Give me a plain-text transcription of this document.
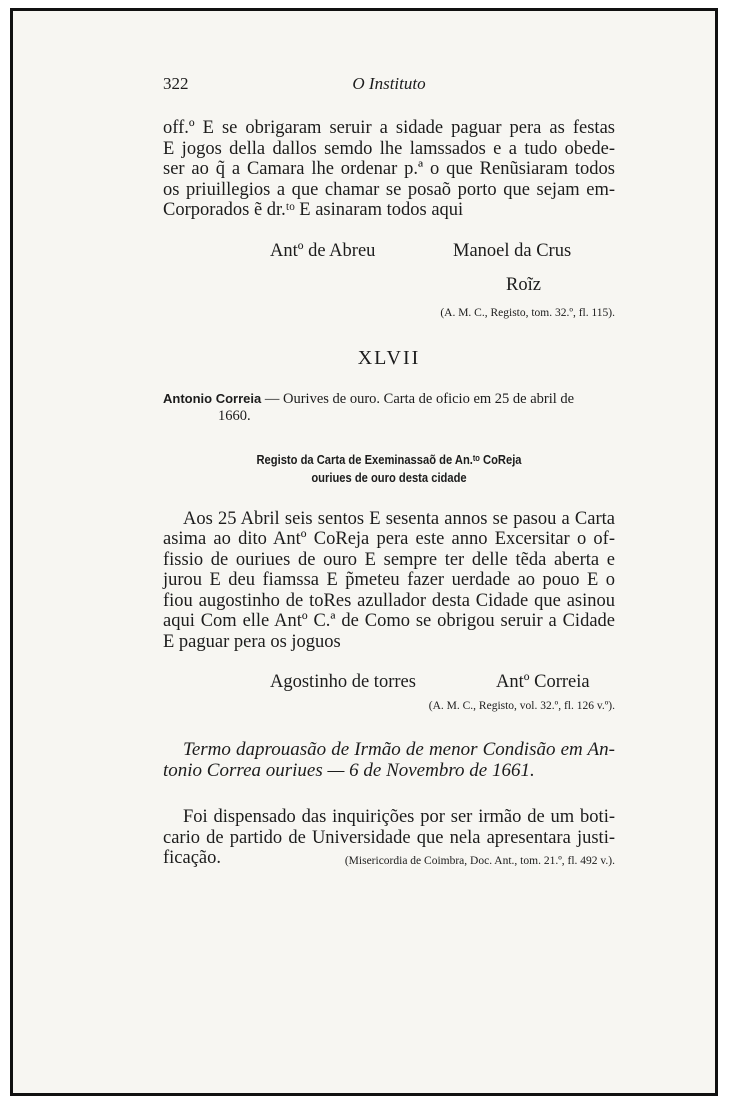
322	O Instituto

off.º E se obrigaram seruir a sidade paguar pera as festas
E jogos della dallos semdo lhe lamssados e a tudo obede-
ser ao q̃ a Camara lhe ordenar p.ª o que Renũsiaram todos
os priuillegios a que chamar se posaõ porto que sejam em-
Corporados ẽ dr.ᵗᵒ E asinaram todos aqui

Antº de Abreu	Manoel da Crus
Roĩz
(A. M. C., Registo, tom. 32.º, fl. 115).
XLVII
Antonio Correia — Ourives de ouro. Carta de oficio em 25 de abril de
1660.
Registo da Carta de Exeminassaõ de An.ᵗᵒ CoReja
ouriues de ouro desta cidade

Aos 25 Abril seis sentos E sesenta annos se pasou a Carta
asima ao dito Antº CoReja pera este anno Excersitar o of-
fissio de ouriues de ouro E sempre ter delle tẽda aberta e
jurou E deu fiamssa E p̃meteu fazer uerdade ao pouo E o
fiou augostinho de toRes azullador desta Cidade que asinou
aqui Com elle Antº C.ª de Como se obrigou seruir a Cidade
E paguar pera os joguos

Agostinho de torres	Antº Correia
(A. M. C., Registo, vol. 32.º, fl. 126 v.º).

Termo daprouasão de Irmão de menor Condisão em An-
tonio Correa ouriues — 6 de Novembro de 1661.

Foi dispensado das inquirições por ser irmão de um boti-
cario de partido de Universidade que nela apresentara justi-
ficação.	(Misericordia de Coimbra, Doc. Ant., tom. 21.º, fl. 492 v.).
